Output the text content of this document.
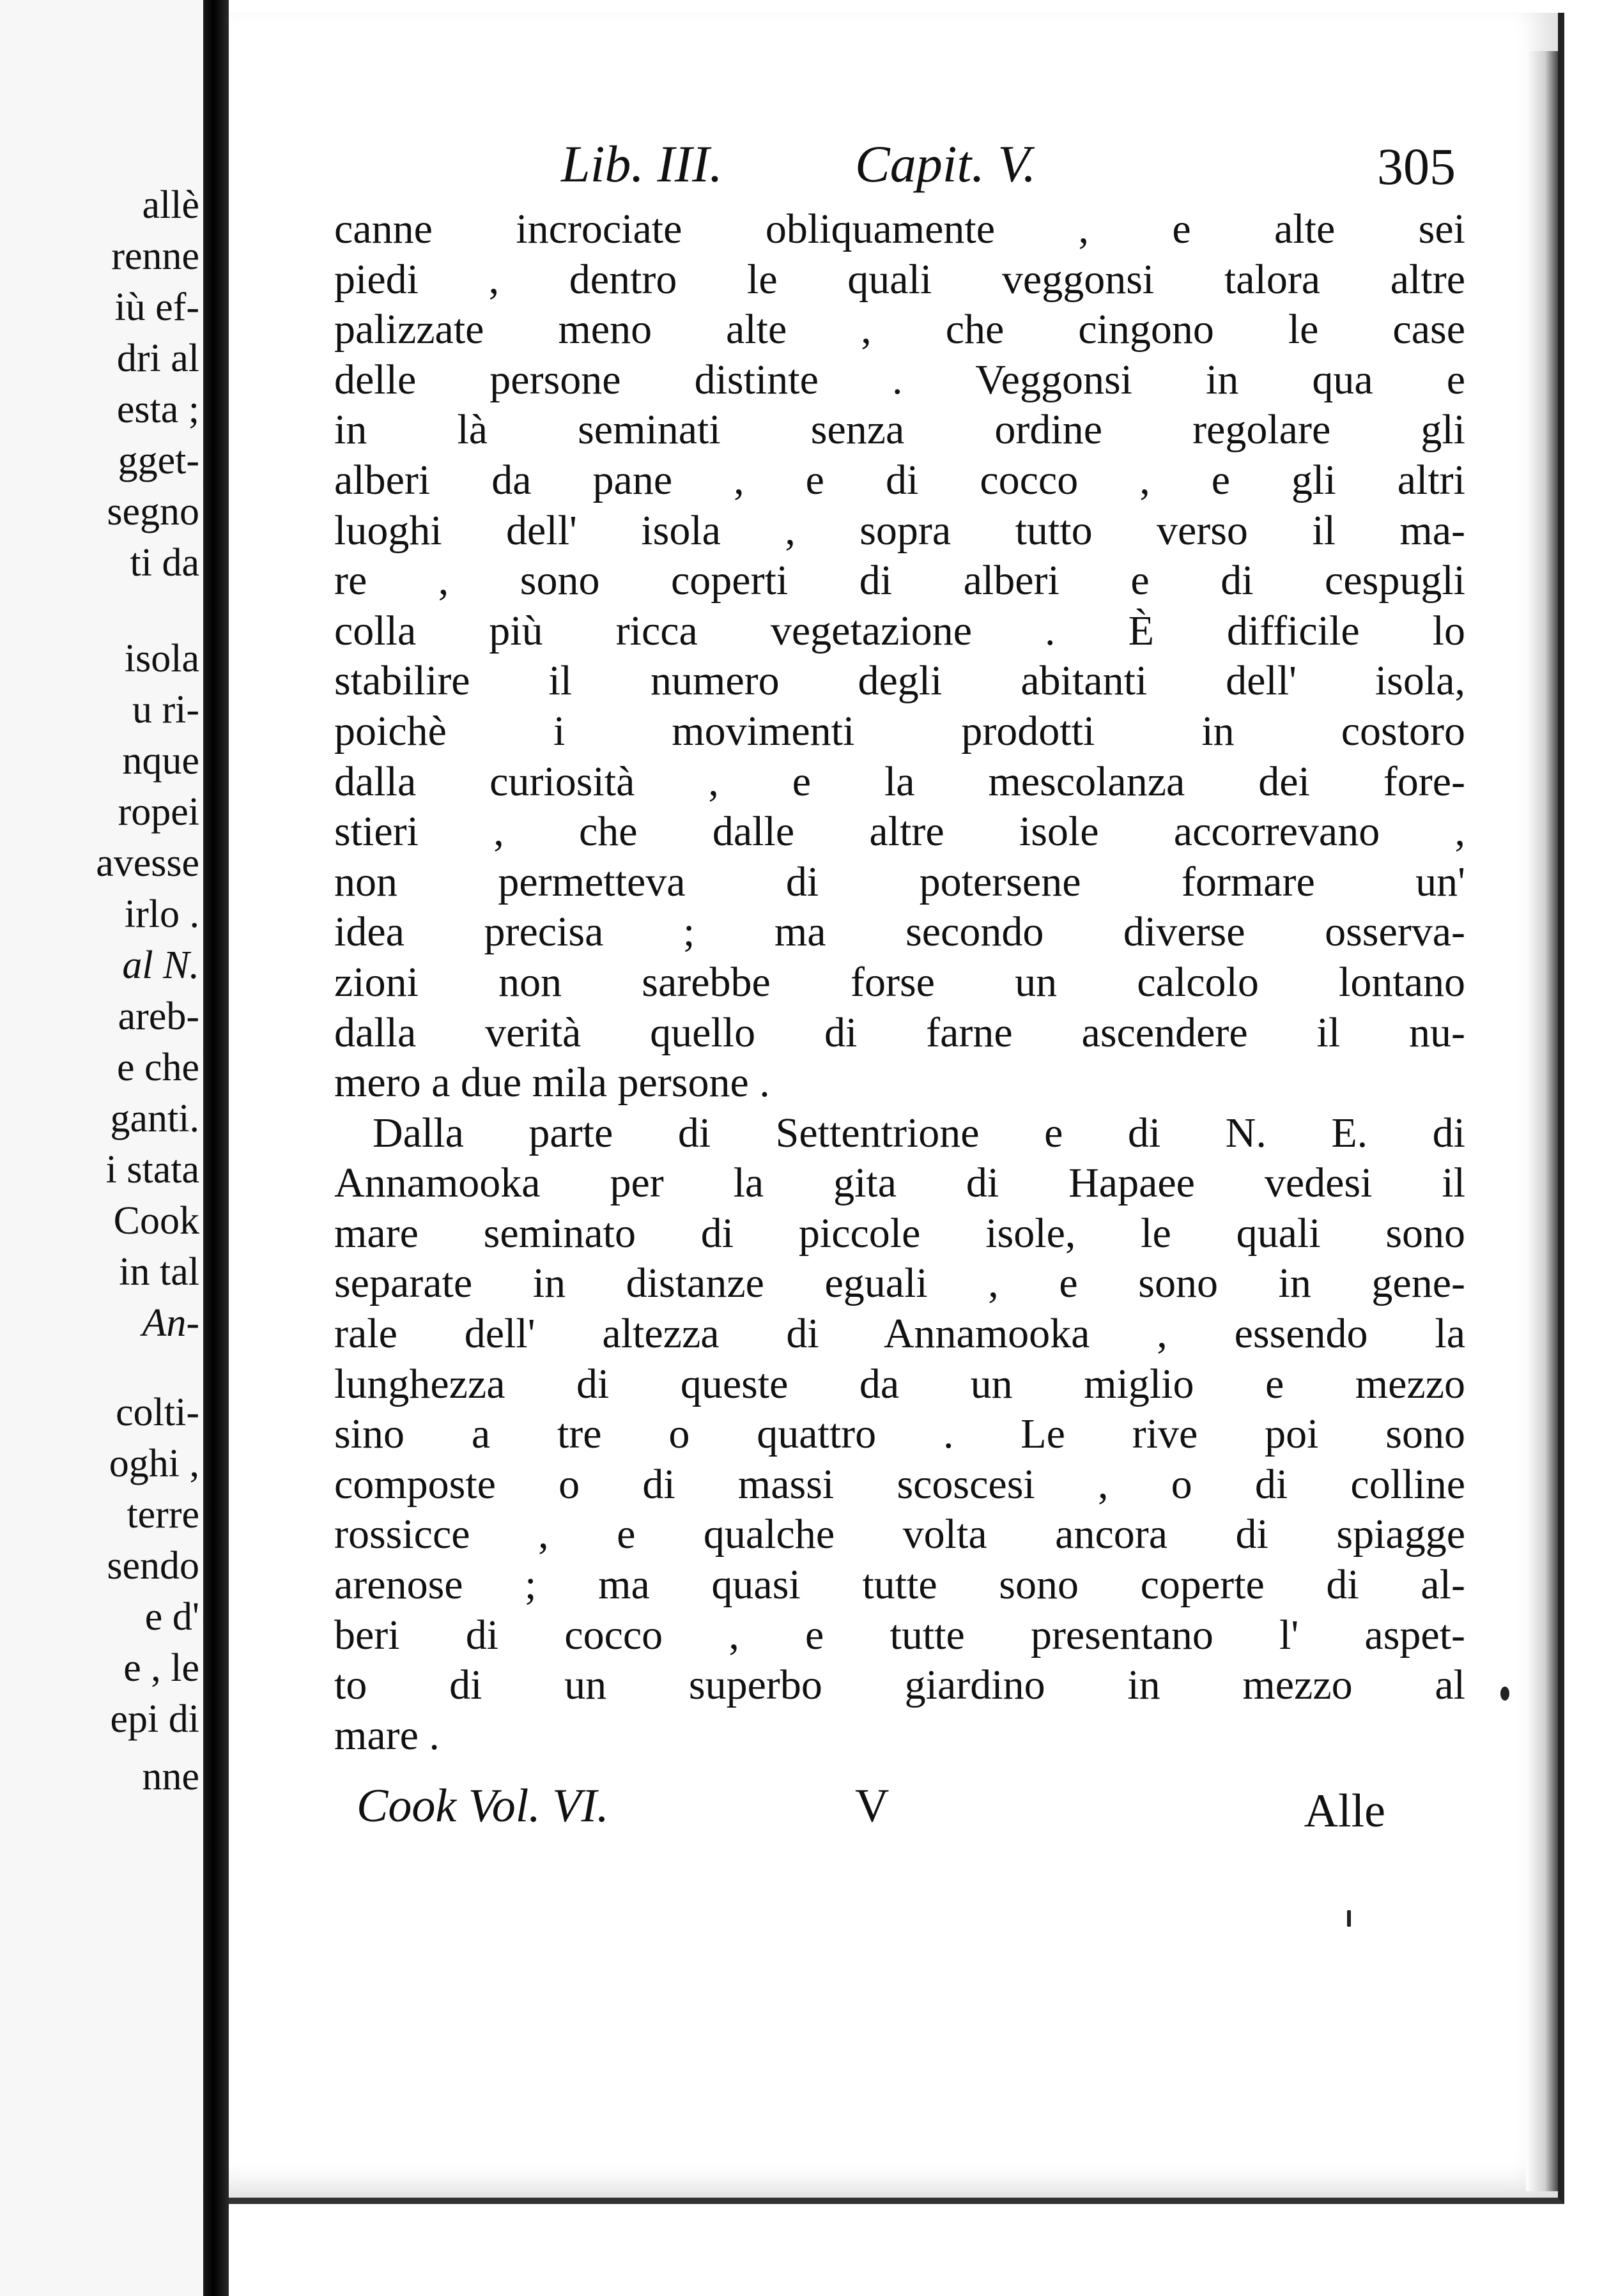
allè
renne
iù ef-
dri al
esta ;
gget-
segno
ti da
isola
u ri-
nque
ropei
avesse
irlo .
al N.
areb-
e che
ganti.
i stata
Cook
in tal
An-
colti-
oghi ,
terre
sendo
e d'
e , le
epi di
nne
Lib. III.	Capit. V.	305
canne incrociate obliquamente , e alte sei
piedi , dentro le quali veggonsi talora altre
palizzate meno alte , che cingono le case
delle persone distinte . Veggonsi in qua e
in là seminati senza ordine regolare gli
alberi da pane , e di cocco , e gli altri
luoghi dell' isola , sopra tutto verso il ma-
re , sono coperti di alberi e di cespugli
colla più ricca vegetazione . È difficile lo
stabilire il numero degli abitanti dell' isola,
poichè i movimenti prodotti in costoro
dalla curiosità , e la mescolanza dei fore-
stieri , che dalle altre isole accorrevano ,
non permetteva di potersene formare un'
idea precisa ; ma secondo diverse osserva-
zioni non sarebbe forse un calcolo lontano
dalla verità quello di farne ascendere il nu-
mero a due mila persone .
Dalla parte di Settentrione e di N. E. di
Annamooka per la gita di Hapaee vedesi il
mare seminato di piccole isole, le quali sono
separate in distanze eguali , e sono in gene-
rale dell' altezza di Annamooka , essendo la
lunghezza di queste da un miglio e mezzo
sino a tre o quattro . Le rive poi sono
composte o di massi scoscesi , o di colline
rossicce , e qualche volta ancora di spiagge
arenose ; ma quasi tutte sono coperte di al-
beri di cocco , e tutte presentano l' aspet-
to di un superbo giardino in mezzo al
mare .
Cook Vol. VI.	V	Alle
